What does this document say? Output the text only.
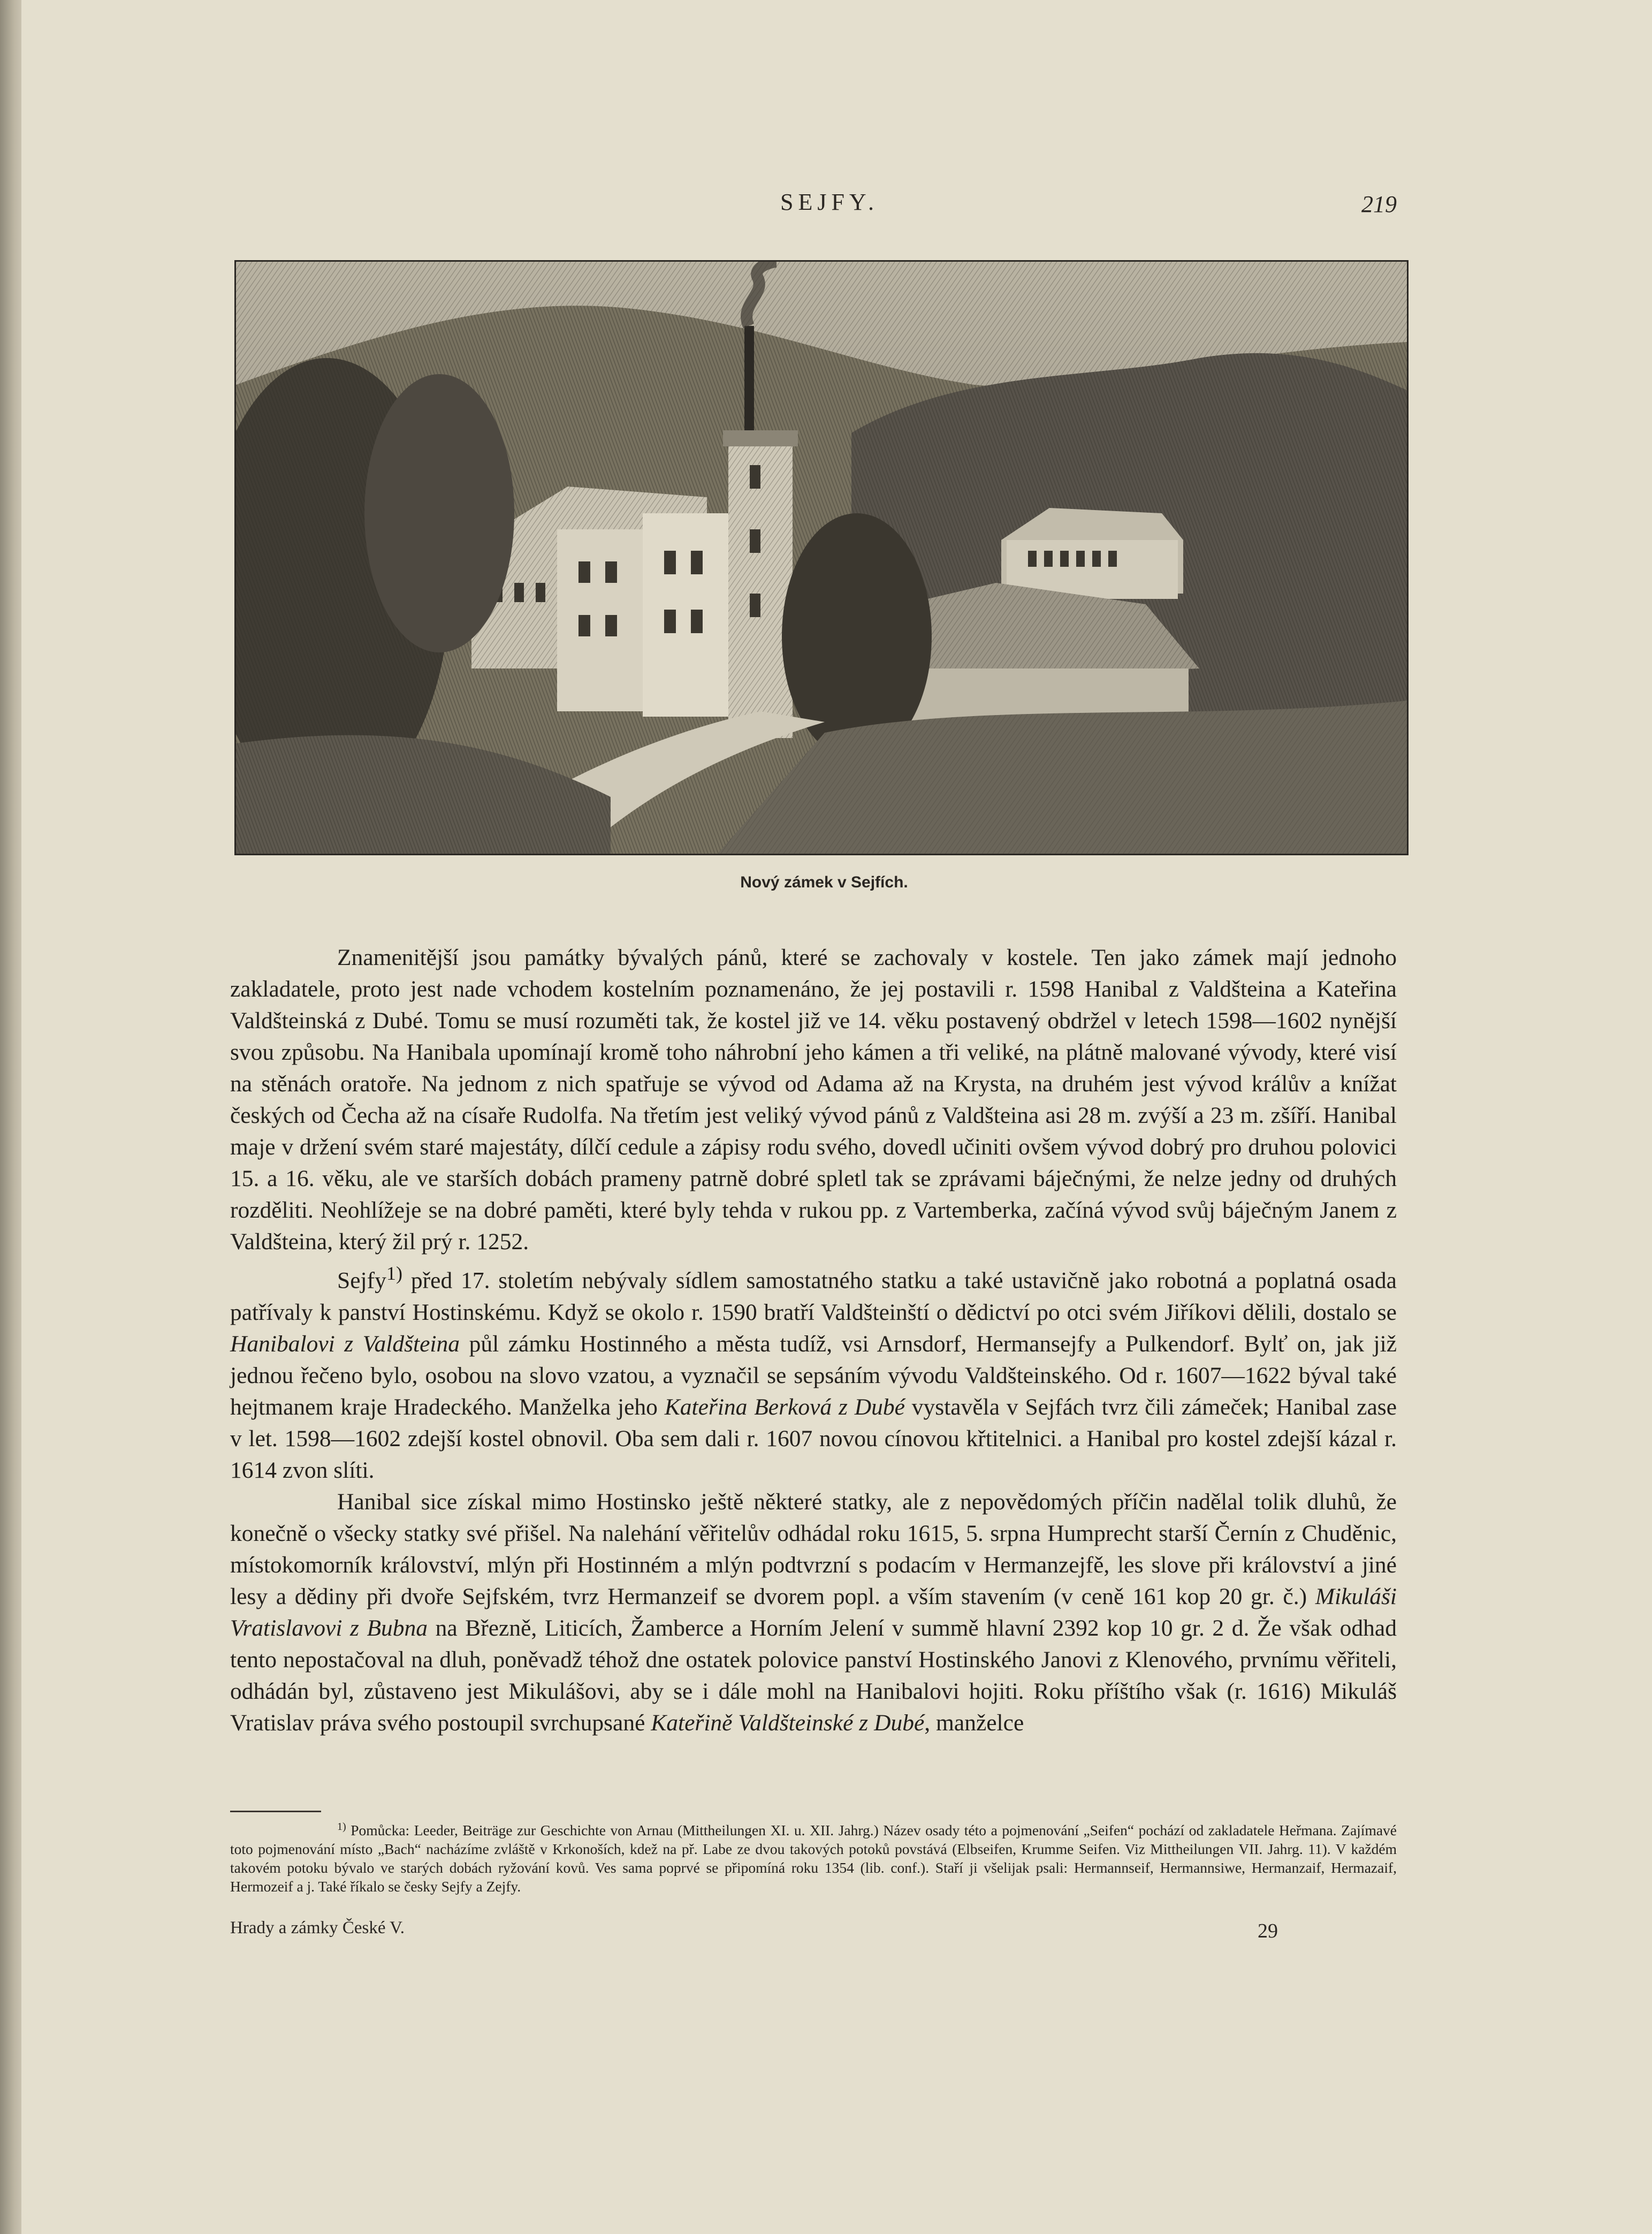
SEJFY.	219
Nový zámek v Sejfích.

Znamenitější jsou památky bývalých pánů, které se zachovaly v kostele. Ten jako zámek mají jednoho zakladatele, proto jest nade vchodem kostelním poznamenáno, že jej postavili r. 1598 Hanibal z Valdšteina a Kateřina Valdšteinská z Dubé. Tomu se musí rozuměti tak, že kostel již ve 14. věku postavený obdržel v letech 1598—1602 nynější svou způsobu. Na Hanibala upomínají kromě toho náhrobní jeho kámen a tři veliké, na plátně malované vývody, které visí na stěnách oratoře. Na jednom z nich spatřuje se vývod od Adama až na Krysta, na druhém jest vývod králův a knížat českých od Čecha až na císaře Rudolfa. Na třetím jest veliký vývod pánů z Valdšteina asi 28 m. zvýší a 23 m. zšíří. Hanibal maje v držení svém staré majestáty, dílčí cedule a zápisy rodu svého, dovedl učiniti ovšem vývod dobrý pro druhou polovici 15. a 16. věku, ale ve starších dobách prameny patrně dobré spletl tak se zprávami báječnými, že nelze jedny od druhých rozděliti. Neohlížeje se na dobré paměti, které byly tehda v rukou pp. z Vartemberka, začíná vývod svůj báječným Janem z Valdšteina, který žil prý r. 1252.

Sejfy$^{1)}$ před 17. stoletím nebývaly sídlem samostatného statku a také ustavičně jako robotná a poplatná osada patřívaly k panství Hostinskému. Když se okolo r. 1590 bratří Valdšteinští o dědictví po otci svém Jiříkovi dělili, dostalo se Hanibalovi z Valdšteina půl zámku Hostinného a města tudíž, vsi Arnsdorf, Hermansejfy a Pulkendorf. Bylť on, jak již jednou řečeno bylo, osobou na slovo vzatou, a vyznačil se sepsáním vývodu Valdšteinského. Od r. 1607—1622 býval také hejtmanem kraje Hradeckého. Manželka jeho Kateřina Berková z Dubé vystavěla v Sejfách tvrz čili zámeček; Hanibal zase v let. 1598—1602 zdejší kostel obnovil. Oba sem dali r. 1607 novou cínovou křtitelnici. a Hanibal pro kostel zdejší kázal r. 1614 zvon slíti.

Hanibal sice získal mimo Hostinsko ještě některé statky, ale z nepovědomých příčin nadělal tolik dluhů, že konečně o všecky statky své přišel. Na nalehání věřitelův odhádal roku 1615, 5. srpna Humprecht starší Černín z Chuděnic, místokomorník království, mlýn při Hostinném a mlýn podtvrzní s podacím v Hermanzejfě, les slove při království a jiné lesy a dědiny při dvoře Sejfském, tvrz Hermanzeif se dvorem popl. a vším stavením (v ceně 161 kop 20 gr. č.) Mikuláši Vratislavovi z Bubna na Březně, Liticích, Žamberce a Horním Jelení v summě hlavní 2392 kop 10 gr. 2 d. Že však odhad tento nepostačoval na dluh, poněvadž téhož dne ostatek polovice panství Hostinského Janovi z Klenového, prvnímu věřiteli, odhádán byl, zůstaveno jest Mikulášovi, aby se i dále mohl na Hanibalovi hojiti. Roku příštího však (r. 1616) Mikuláš Vratislav práva svého postoupil svrchupsané Kateřině Valdšteinské z Dubé, manželce

$^{1)}$ Pomůcka: Leeder, Beiträge zur Geschichte von Arnau (Mittheilungen XI. u. XII. Jahrg.) Název osady této a pojmenování „Seifen“ pochází od zakladatele Heřmana. Zajímavé toto pojmenování místo „Bach“ nacházíme zvláště v Krkonoších, kdež na př. Labe ze dvou takových potoků povstává (Elbseifen, Krumme Seifen. Viz Mittheilungen VII. Jahrg. 11). V každém takovém potoku bývalo ve starých dobách ryžování kovů. Ves sama poprvé se připomíná roku 1354 (lib. conf.). Staří ji všelijak psali: Hermannseif, Hermannsiwe, Hermanzaif, Hermazaif, Hermozeif a j. Také říkalo se česky Sejfy a Zejfy.
Hrady a zámky České V.	29
